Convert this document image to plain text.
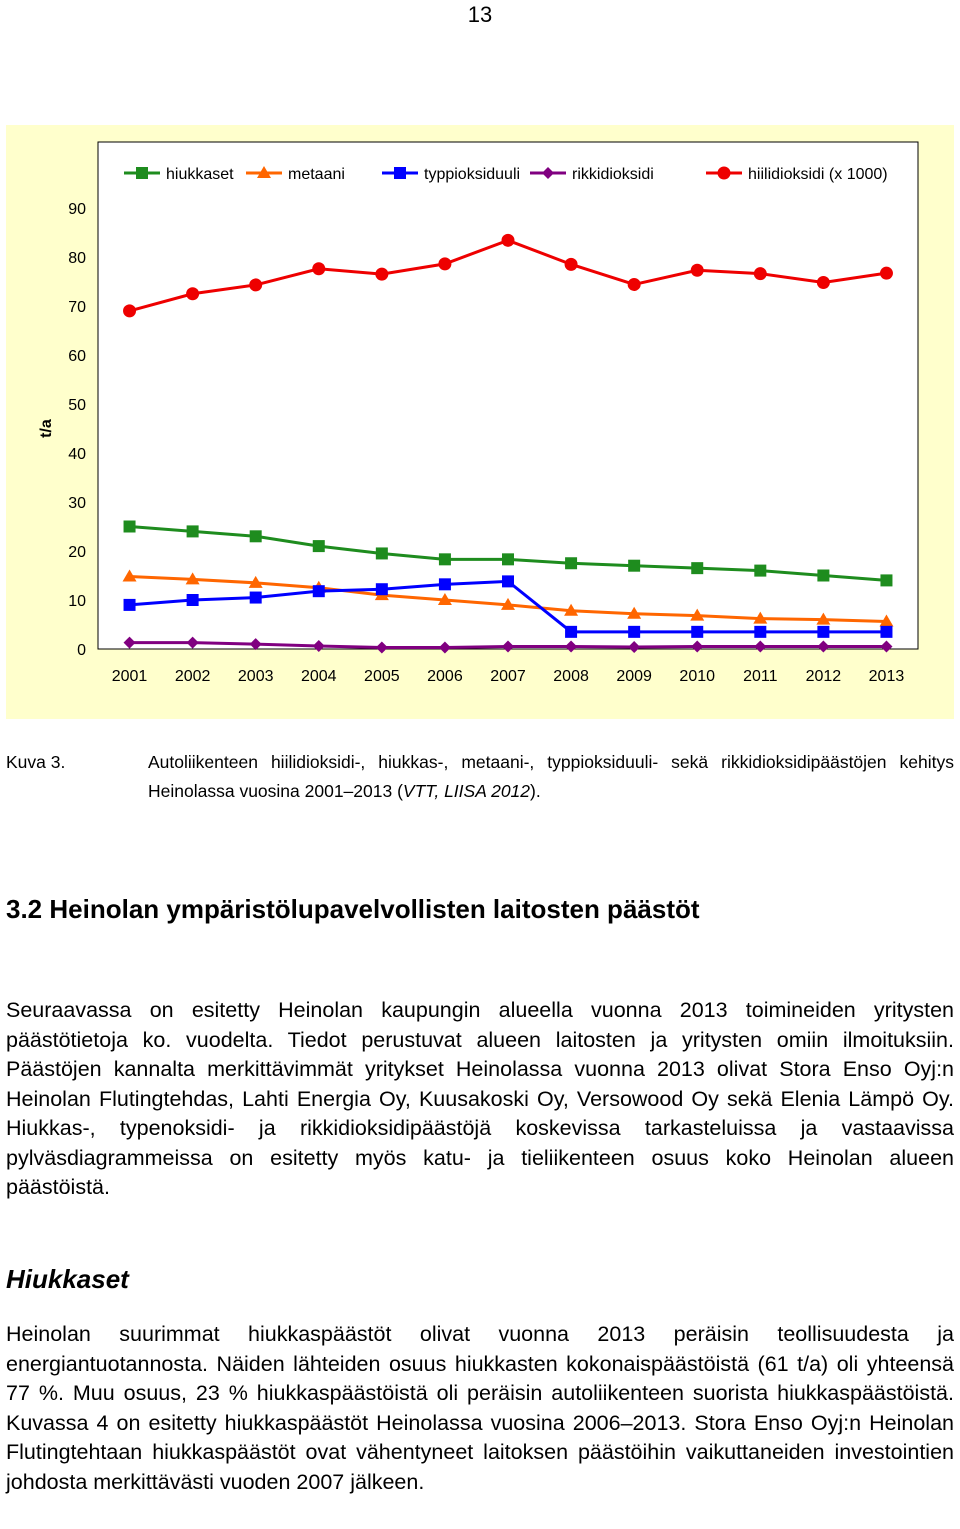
13
0
10
20
30
40
50
60
70
80
90
t/a
2001 2002 2003 2004 2005 2006 2007 2008 2009 2010 2011 2012 2013
hiukkaset	metaani	typpioksiduuli	rikkidioksidi	hiilidioksidi (x 1000)
Kuva 3.	Autoliikenteen hiilidioksidi-, hiukkas-, metaani-, typpioksiduuli- sekä rikkidioksidipäästöjen kehitys Heinolassa vuosina 2001–2013 (VTT, LIISA 2012).
3.2 Heinolan ympäristölupavelvollisten laitosten päästöt

Seuraavassa on esitetty Heinolan kaupungin alueella vuonna 2013 toimineiden yritysten päästötietoja ko. vuodelta. Tiedot perustuvat alueen laitosten ja yritysten omiin ilmoituksiin. Päästöjen kannalta merkittävimmät yritykset Heinolassa vuonna 2013 olivat Stora Enso Oyj:n Heinolan Flutingtehdas, Lahti Energia Oy, Kuusakoski Oy, Versowood Oy sekä Elenia Lämpö Oy. Hiukkas-, typenoksidi- ja rikkidioksidipäästöjä koskevissa tarkasteluissa ja vastaavissa pylväsdiagrammeissa on esitetty myös katu- ja tieliikenteen osuus koko Heinolan alueen päästöistä.

Hiukkaset

Heinolan suurimmat hiukkaspäästöt olivat vuonna 2013 peräisin teollisuudesta ja energiantuotannosta. Näiden lähteiden osuus hiukkasten kokonaispäästöistä (61 t/a) oli yhteensä 77 %. Muu osuus, 23 % hiukkaspäästöistä oli peräisin autoliikenteen suorista hiukkaspäästöistä. Kuvassa 4 on esitetty hiukkaspäästöt Heinolassa vuosina 2006–2013. Stora Enso Oyj:n Heinolan Flutingtehtaan hiukkaspäästöt ovat vähentyneet laitoksen päästöihin vaikuttaneiden investointien johdosta merkittävästi vuoden 2007 jälkeen.
